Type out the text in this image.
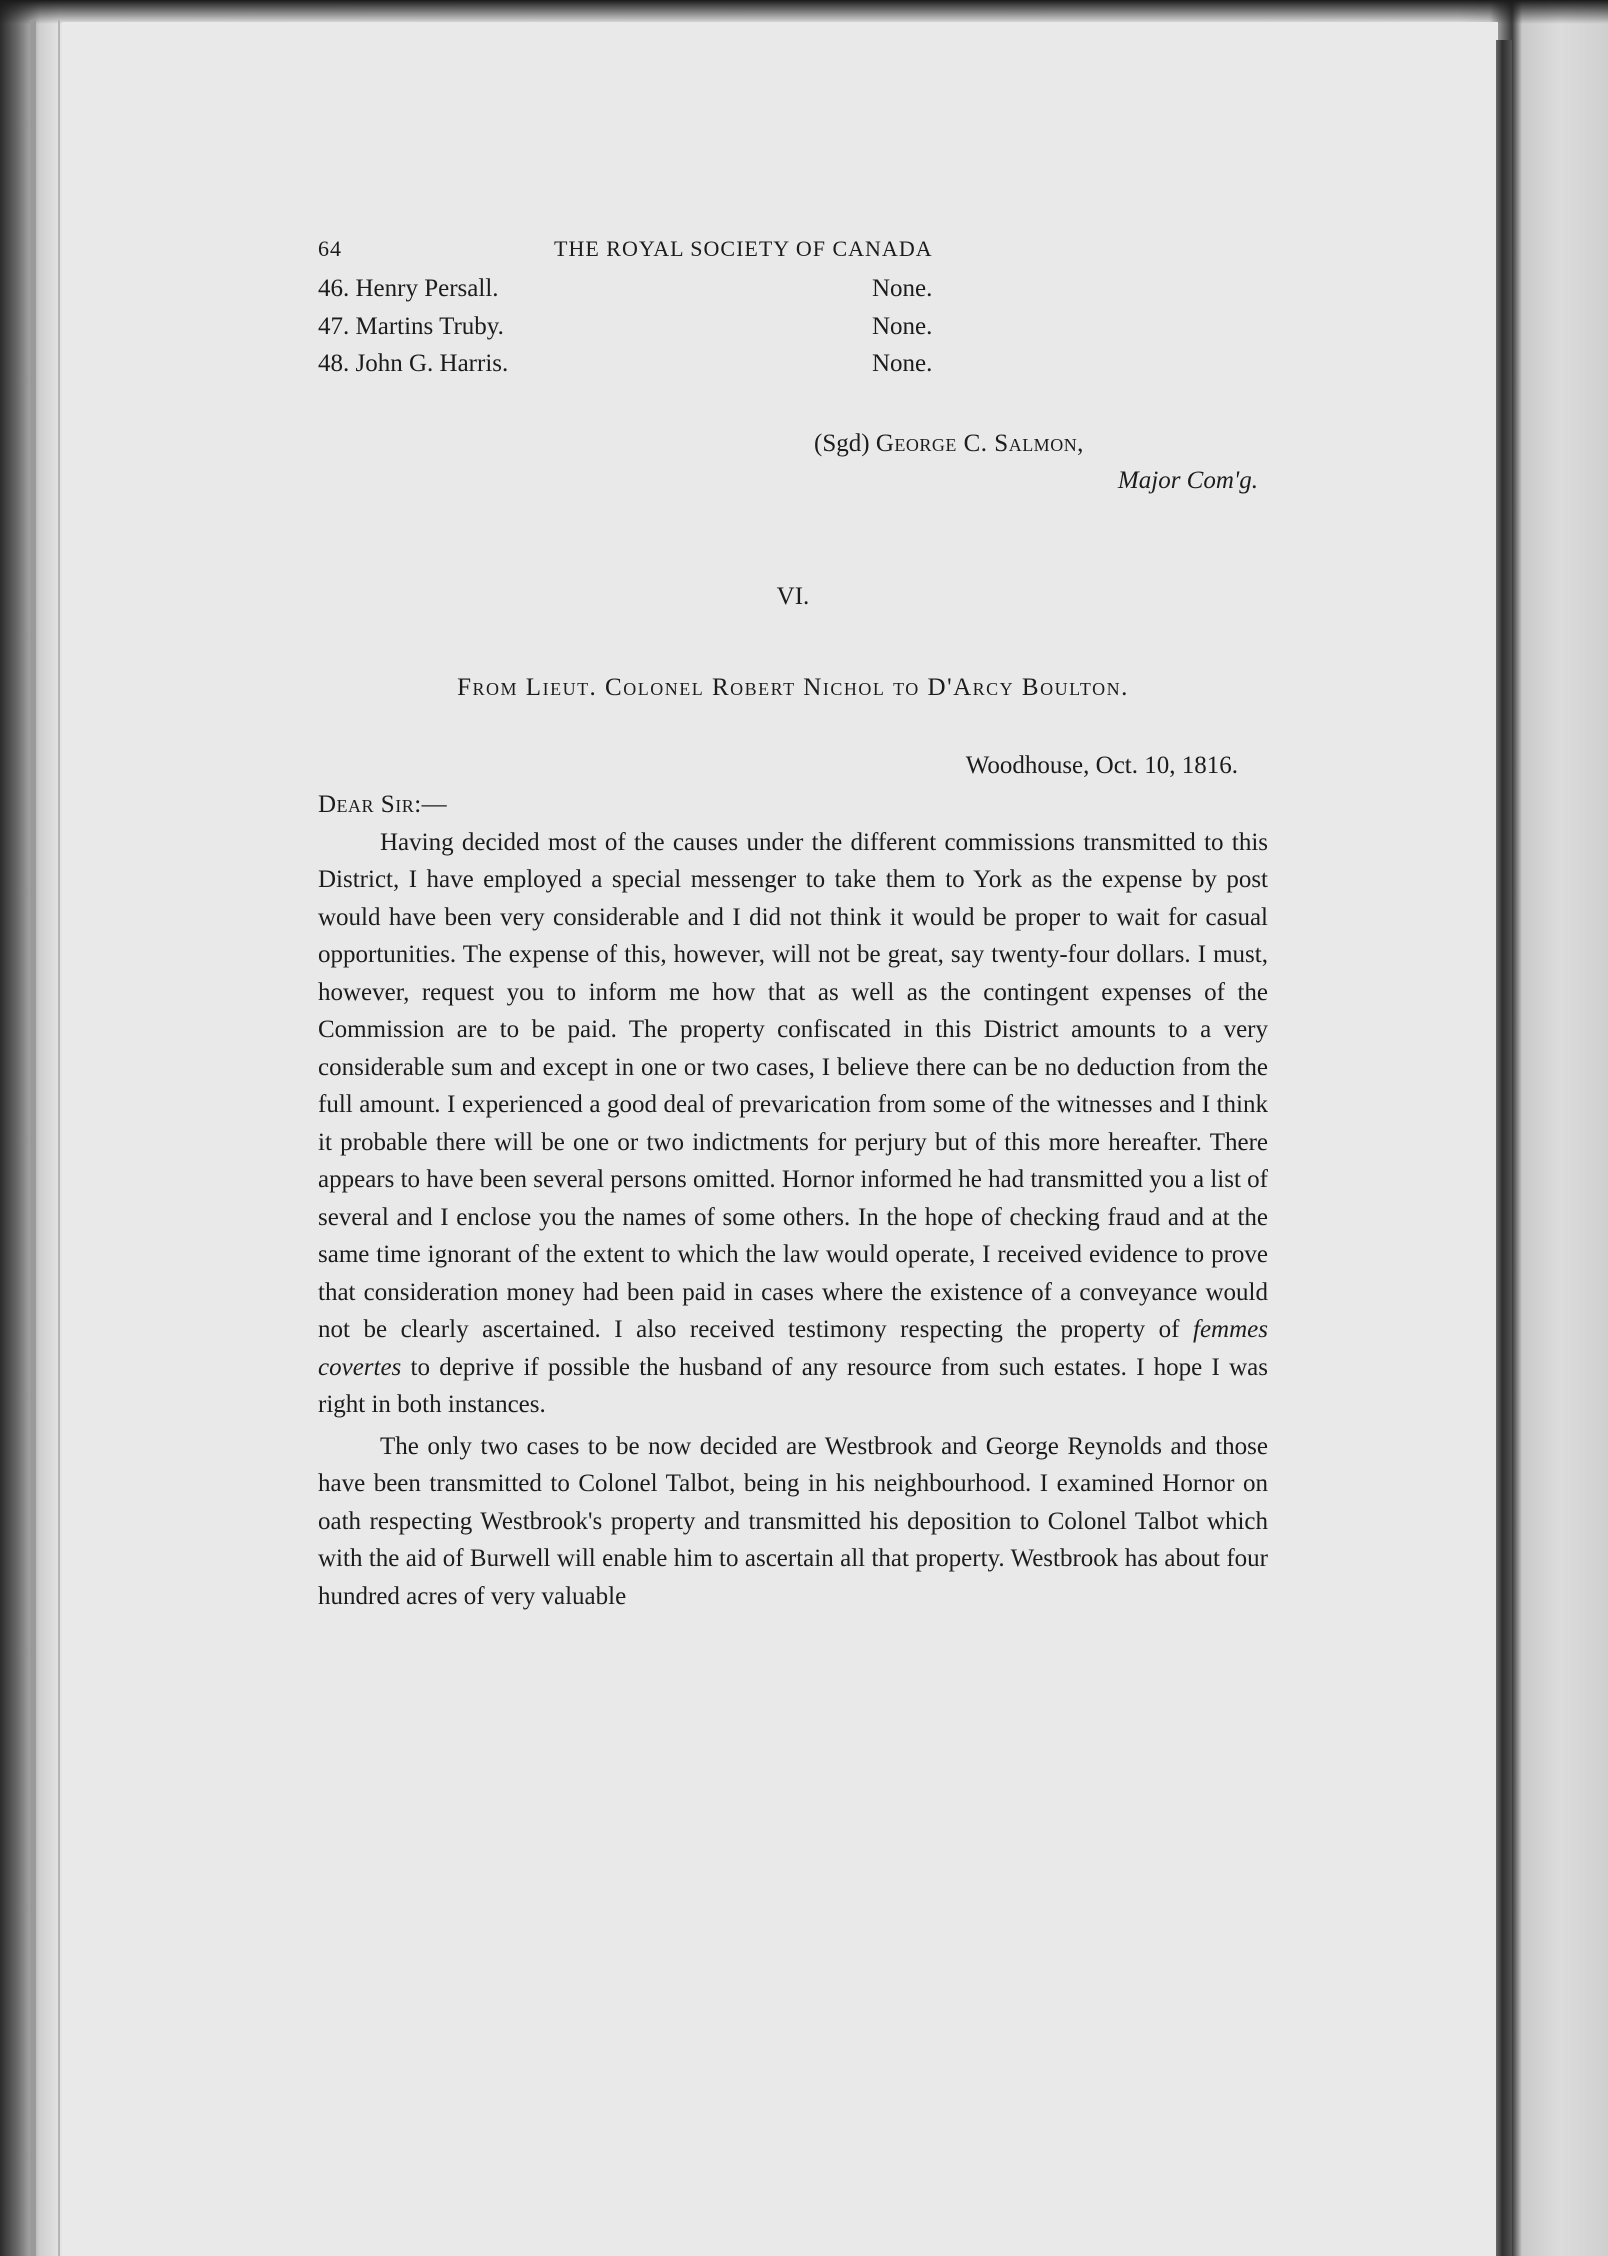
64	THE ROYAL SOCIETY OF CANADA
46. Henry Persall.	None.
47. Martins Truby.	None.
48. John G. Harris.	None.
(Sgd) George C. Salmon,
Major Com'g.
VI.
From Lieut. Colonel Robert Nichol to D'Arcy Boulton.
Woodhouse, Oct. 10, 1816.
Dear Sir:—

Having decided most of the causes under the different commissions transmitted to this District, I have employed a special messenger to take them to York as the expense by post would have been very considerable and I did not think it would be proper to wait for casual opportunities. The expense of this, however, will not be great, say twenty-four dollars. I must, however, request you to inform me how that as well as the contingent expenses of the Commission are to be paid. The property confiscated in this District amounts to a very considerable sum and except in one or two cases, I believe there can be no deduction from the full amount. I experienced a good deal of prevarication from some of the witnesses and I think it probable there will be one or two indictments for perjury but of this more hereafter. There appears to have been several persons omitted. Hornor informed he had transmitted you a list of several and I enclose you the names of some others. In the hope of checking fraud and at the same time ignorant of the extent to which the law would operate, I received evidence to prove that consideration money had been paid in cases where the existence of a conveyance would not be clearly ascertained. I also received testimony respecting the property of femmes covertes to deprive if possible the husband of any resource from such estates. I hope I was right in both instances.

The only two cases to be now decided are Westbrook and George Reynolds and those have been transmitted to Colonel Talbot, being in his neighbourhood. I examined Hornor on oath respecting Westbrook's property and transmitted his deposition to Colonel Talbot which with the aid of Burwell will enable him to ascertain all that property. Westbrook has about four hundred acres of very valuable
